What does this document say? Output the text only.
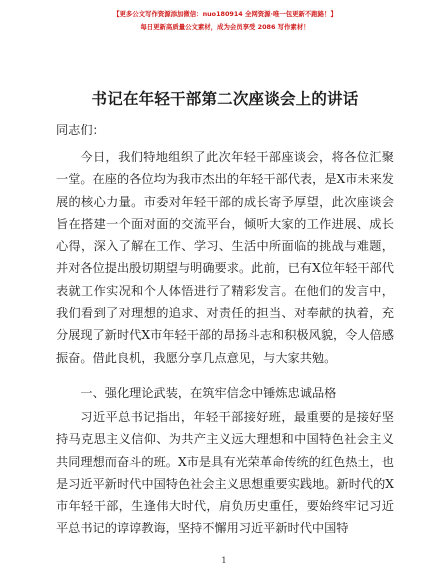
【更多公文写作资源添加微信：nuo180914 全网资源·唯一包更新不跑路！】
每日更新高质量公文素材，成为会员享受 2086 写作素材！
书记在年轻干部第二次座谈会上的讲话
同志们：

今日，我们特地组织了此次年轻干部座谈会，将各位汇聚一堂。在座的各位均为我市杰出的年轻干部代表，是X市未来发展的核心力量。市委对年轻干部的成长寄予厚望，此次座谈会旨在搭建一个面对面的交流平台，倾听大家的工作进展、成长心得，深入了解在工作、学习、生活中所面临的挑战与难题，并对各位提出殷切期望与明确要求。此前，已有X位年轻干部代表就工作实况和个人体悟进行了精彩发言。在他们的发言中，我们看到了对理想的追求、对责任的担当、对奉献的执着，充分展现了新时代X市年轻干部的昂扬斗志和积极风貌，令人倍感振奋。借此良机，我愿分享几点意见，与大家共勉。

一、强化理论武装，在筑牢信念中锤炼忠诚品格

习近平总书记指出，年轻干部接好班，最重要的是接好坚持马克思主义信仰、为共产主义远大理想和中国特色社会主义共同理想而奋斗的班。X市是具有光荣革命传统的红色热土，也是习近平新时代中国特色社会主义思想重要实践地。新时代的X市年轻干部，生逢伟大时代，肩负历史重任，要始终牢记习近平总书记的谆谆教诲，坚持不懈用习近平新时代中国特

1
